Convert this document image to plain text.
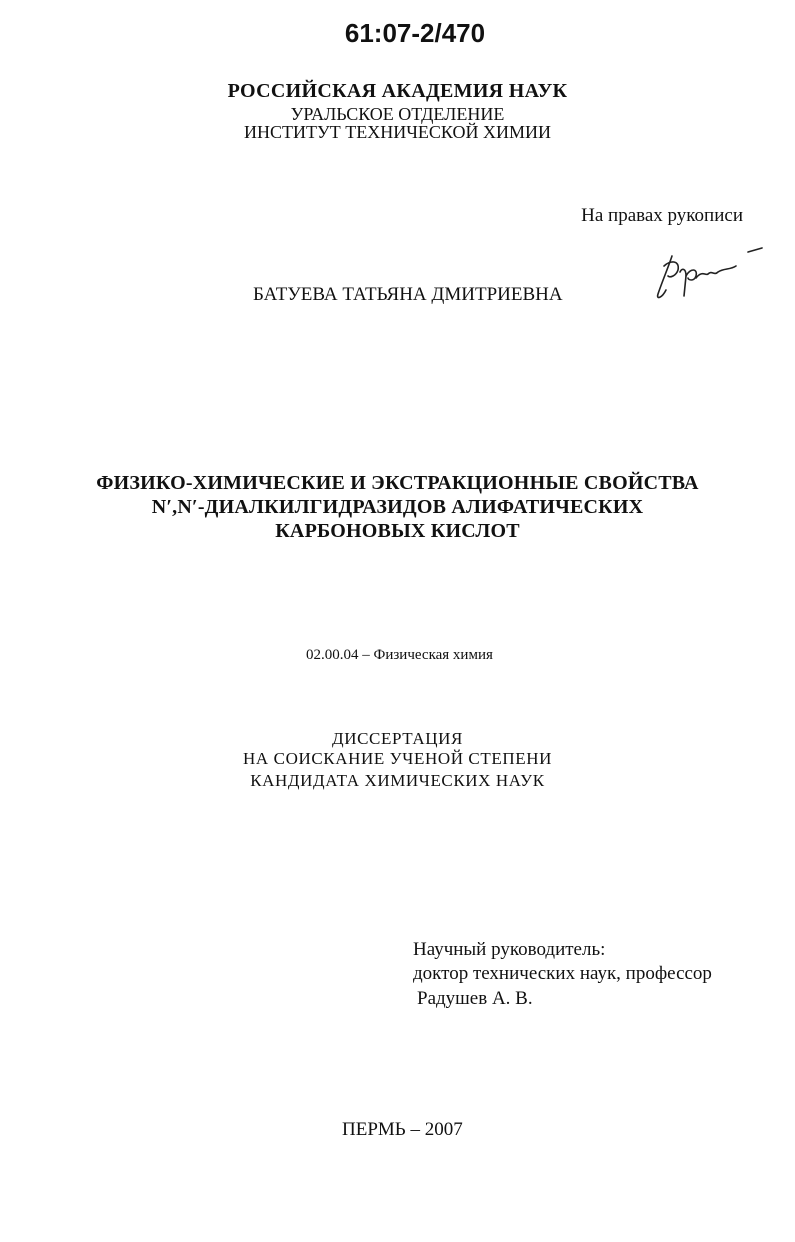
61:07-2/470
РОССИЙСКАЯ АКАДЕМИЯ НАУК
УРАЛЬСКОЕ ОТДЕЛЕНИЕ
ИНСТИТУТ ТЕХНИЧЕСКОЙ ХИМИИ
На правах рукописи
БАТУЕВА ТАТЬЯНА ДМИТРИЕВНА
ФИЗИКО-ХИМИЧЕСКИЕ И ЭКСТРАКЦИОННЫЕ СВОЙСТВА
N′,N′-ДИАЛКИЛГИДРАЗИДОВ АЛИФАТИЧЕСКИХ
КАРБОНОВЫХ КИСЛОТ
02.00.04 – Физическая химия
ДИССЕРТАЦИЯ
НА СОИСКАНИЕ УЧЕНОЙ СТЕПЕНИ
КАНДИДАТА ХИМИЧЕСКИХ НАУК
Научный руководитель:
доктор технических наук, профессор
Радушев А. В.
ПЕРМЬ – 2007
